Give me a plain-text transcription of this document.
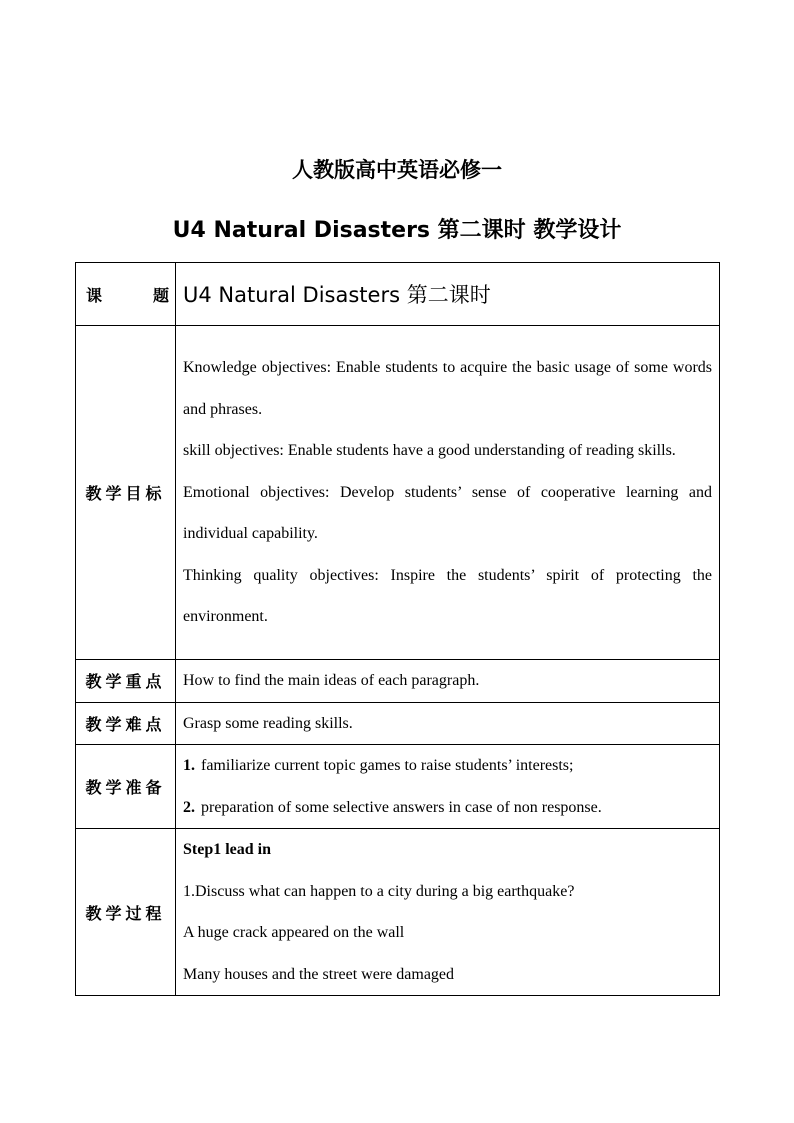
人教版高中英语必修一
U4 Natural Disasters 第二课时 教学设计
课 题	U4 Natural Disasters 第二课时
教学目标	Knowledge objectives: Enable students to acquire the basic usage of some words and phrases.

skill objectives: Enable students have a good understanding of reading skills.

Emotional objectives: Develop students’ sense of cooperative learning and individual capability.

Thinking quality objectives: Inspire the students’ spirit of protecting the environment.

教学重点	How to find the main ideas of each paragraph.
教学难点	Grasp some reading skills.
教学准备	1. familiarize current topic games to raise students’ interests;

2. preparation of some selective answers in case of non response.

教学过程	Step1 lead in

1.Discuss what can happen to a city during a big earthquake?

A huge crack appeared on the wall

Many houses and the street were damaged
